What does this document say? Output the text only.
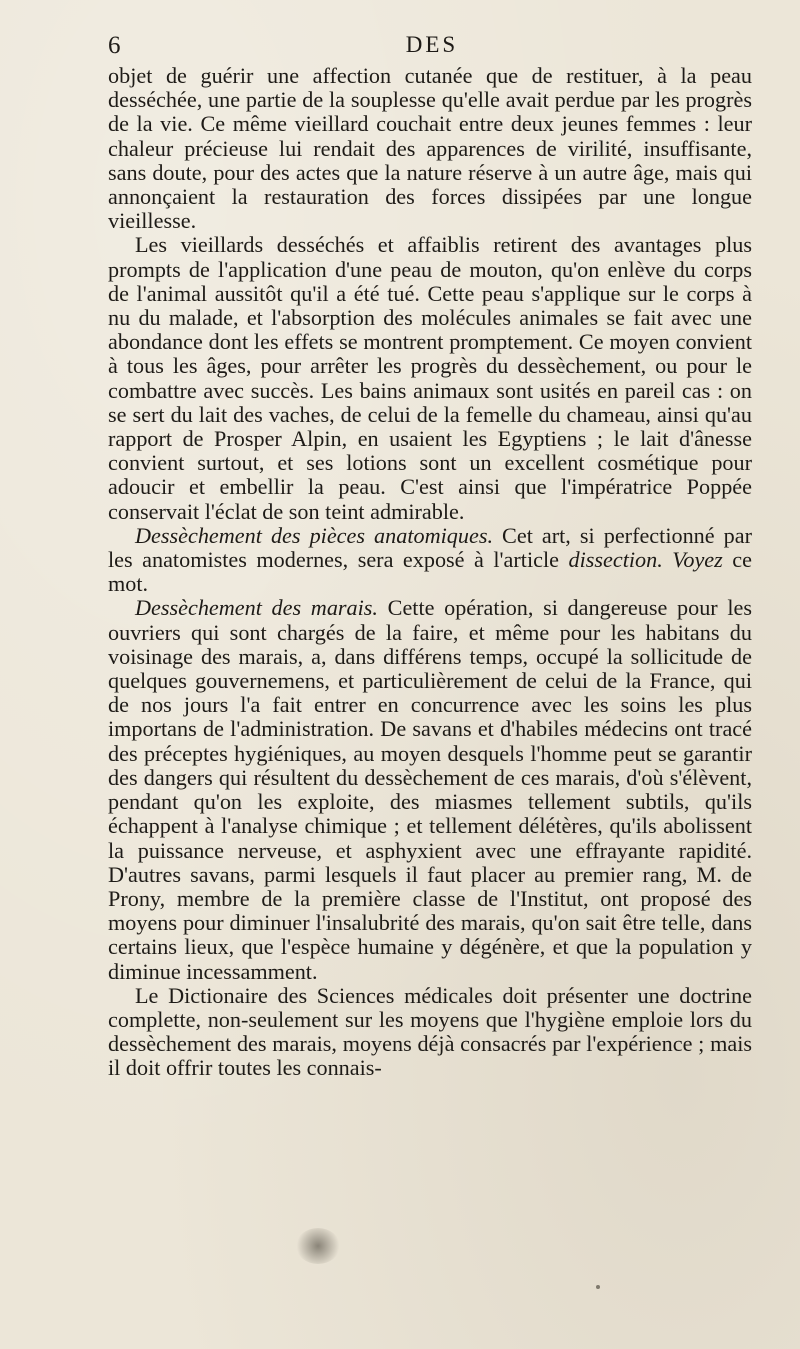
6	DES

objet de guérir une affection cutanée que de restituer, à la peau desséchée, une partie de la souplesse qu'elle avait perdue par les progrès de la vie. Ce même vieillard couchait entre deux jeunes femmes : leur chaleur précieuse lui rendait des apparences de virilité, insuffisante, sans doute, pour des actes que la nature réserve à un autre âge, mais qui annonçaient la restauration des forces dissipées par une longue vieillesse.

Les vieillards desséchés et affaiblis retirent des avantages plus prompts de l'application d'une peau de mouton, qu'on enlève du corps de l'animal aussitôt qu'il a été tué. Cette peau s'applique sur le corps à nu du malade, et l'absorption des molécules animales se fait avec une abondance dont les effets se montrent promptement. Ce moyen convient à tous les âges, pour arrêter les progrès du dessèchement, ou pour le combattre avec succès. Les bains animaux sont usités en pareil cas : on se sert du lait des vaches, de celui de la femelle du chameau, ainsi qu'au rapport de Prosper Alpin, en usaient les Egyptiens ; le lait d'ânesse convient surtout, et ses lotions sont un excellent cosmétique pour adoucir et embellir la peau. C'est ainsi que l'impératrice Poppée conservait l'éclat de son teint admirable.

Dessèchement des pièces anatomiques. Cet art, si perfectionné par les anatomistes modernes, sera exposé à l'article dissection. Voyez ce mot.

Dessèchement des marais. Cette opération, si dangereuse pour les ouvriers qui sont chargés de la faire, et même pour les habitans du voisinage des marais, a, dans différens temps, occupé la sollicitude de quelques gouvernemens, et particulièrement de celui de la France, qui de nos jours l'a fait entrer en concurrence avec les soins les plus importans de l'administration. De savans et d'habiles médecins ont tracé des préceptes hygiéniques, au moyen desquels l'homme peut se garantir des dangers qui résultent du dessèchement de ces marais, d'où s'élèvent, pendant qu'on les exploite, des miasmes tellement subtils, qu'ils échappent à l'analyse chimique ; et tellement délétères, qu'ils abolissent la puissance nerveuse, et asphyxient avec une effrayante rapidité. D'autres savans, parmi lesquels il faut placer au premier rang, M. de Prony, membre de la première classe de l'Institut, ont proposé des moyens pour diminuer l'insalubrité des marais, qu'on sait être telle, dans certains lieux, que l'espèce humaine y dégénère, et que la population y diminue incessamment.

Le Dictionaire des Sciences médicales doit présenter une doctrine complette, non-seulement sur les moyens que l'hygiène emploie lors du dessèchement des marais, moyens déjà consacrés par l'expérience ; mais il doit offrir toutes les connais-
